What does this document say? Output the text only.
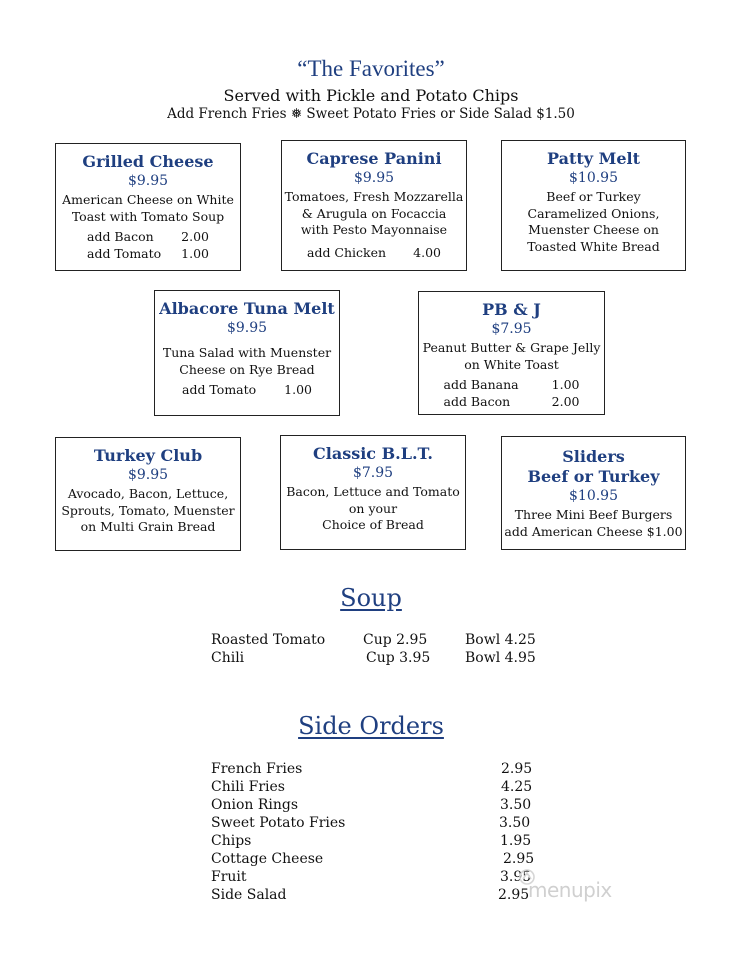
“The Favorites”
Served with Pickle and Potato Chips
Add French Fries ❅ Sweet Potato Fries or Side Salad $1.50
Grilled Cheese
$9.95
American Cheese on White
Toast with Tomato Soup
add Bacon 2.00
add Tomato 1.00
Caprese Panini
$9.95
Tomatoes, Fresh Mozzarella
& Arugula on Focaccia
with Pesto Mayonnaise
add Chicken 4.00
Patty Melt
$10.95
Beef or Turkey
Caramelized Onions,
Muenster Cheese on
Toasted White Bread
Albacore Tuna Melt
$9.95
Tuna Salad with Muenster
Cheese on Rye Bread
add Tomato 1.00
PB & J
$7.95
Peanut Butter & Grape Jelly
on White Toast
add Banana	1.00
add Bacon	2.00
Turkey Club
$9.95
Avocado, Bacon, Lettuce,
Sprouts, Tomato, Muenster
on Multi Grain Bread
Classic B.L.T.
$7.95
Bacon, Lettuce and Tomato
on your
Choice of Bread
Sliders
Beef or Turkey
$10.95
Three Mini Beef Burgers
add American Cheese $1.00
Soup
Roasted Tomato	Cup 2.95	Bowl 4.25
Chili	Cup 3.95 Bowl 4.95
Side Orders
French Fries	2.95
Chili Fries	4.25
Onion Rings	3.50
Sweet Potato Fries	3.50
Chips	1.95
Cottage Cheese	2.95
Fruit	3.95
Side Salad	2.95
menupix
